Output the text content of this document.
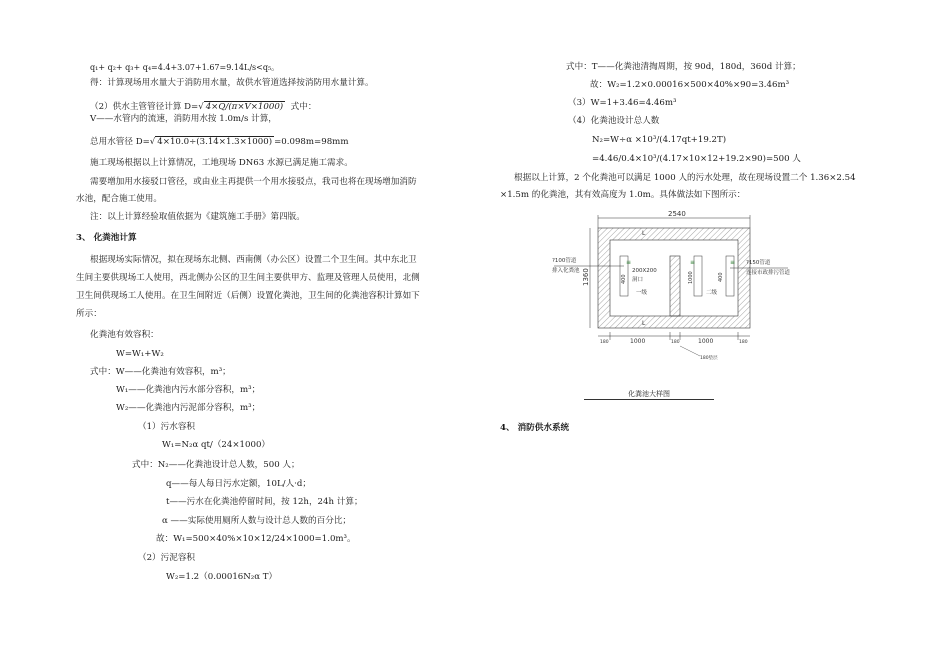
q₁+ q₂+ q₃+ q₄=4.4+3.07+1.67=9.14L/s<q₅。
得：计算现场用水量大于消防用水量，故供水管道选择按消防用水量计算。
（2）供水主管管径计算 D=√ 4×Q/(π×V×1000) 式中：
V——水管内的流速，消防用水按 1.0m/s 计算，
总用水管径 D=√ 4×10.0÷(3.14×1.3×1000) =0.098m=98mm
施工现场根据以上计算情况，工地现场 DN63 水源已满足施工需求。
需要增加用水接驳口管径，或由业主再提供一个用水接驳点，我司也将在现场增加消防
水池，配合施工使用。
注：以上计算经验取值依据为《建筑施工手册》第四版。
3、 化粪池计算
根据现场实际情况，拟在现场东北侧、西南侧（办公区）设置二个卫生间。其中东北卫
生间主要供现场工人使用，西北侧办公区的卫生间主要供甲方、监理及管理人员使用，北侧
卫生间供现场工人使用。在卫生间附近（后侧）设置化粪池，卫生间的化粪池容积计算如下
所示：
化粪池有效容积：
W=W₁+W₂
式中：W——化粪池有效容积，m³；
W₁——化粪池内污水部分容积，m³；
W₂——化粪池内污泥部分容积，m³；
（1）污水容积
W₁=N₂α qt/（24×1000）
式中：N₂——化粪池设计总人数，500 人；
q——每人每日污水定额，10L/人·d；
t——污水在化粪池停留时间，按 12h，24h 计算；
α ——实际使用厕所人数与设计总人数的百分比；
故：W₁=500×40%×10×12/24×1000=1.0m³。
（2）污泥容积
W₂=1.2（0.00016N₂α T）
式中：T——化粪池清掏周期，按 90d，180d，360d 计算；
故：W₂=1.2×0.00016×500×40%×90=3.46m³
（3）W=1+3.46=4.46m³
（4）化粪池设计总人数
N₂=W÷α ×10³/(4.17qt+19.2T)
=4.46/0.4×10³/(4.17×10×12+19.2×90)=500 人
根据以上计算，2 个化粪池可以满足 1000 人的污水处理，故在现场设置二个 1.36×2.54
×1.5m 的化粪池，其有效高度为 1.0m。具体做法如下图所示：
2540
1360
?100管道
排入化粪池
?150管道
连接市政排污管道
L
L
200X200
洞口
一级	二级
400	1000	400
≡	≡	≡
180	1000	180	1000	180
180垫层
化粪池大样图
4、 消防供水系统
